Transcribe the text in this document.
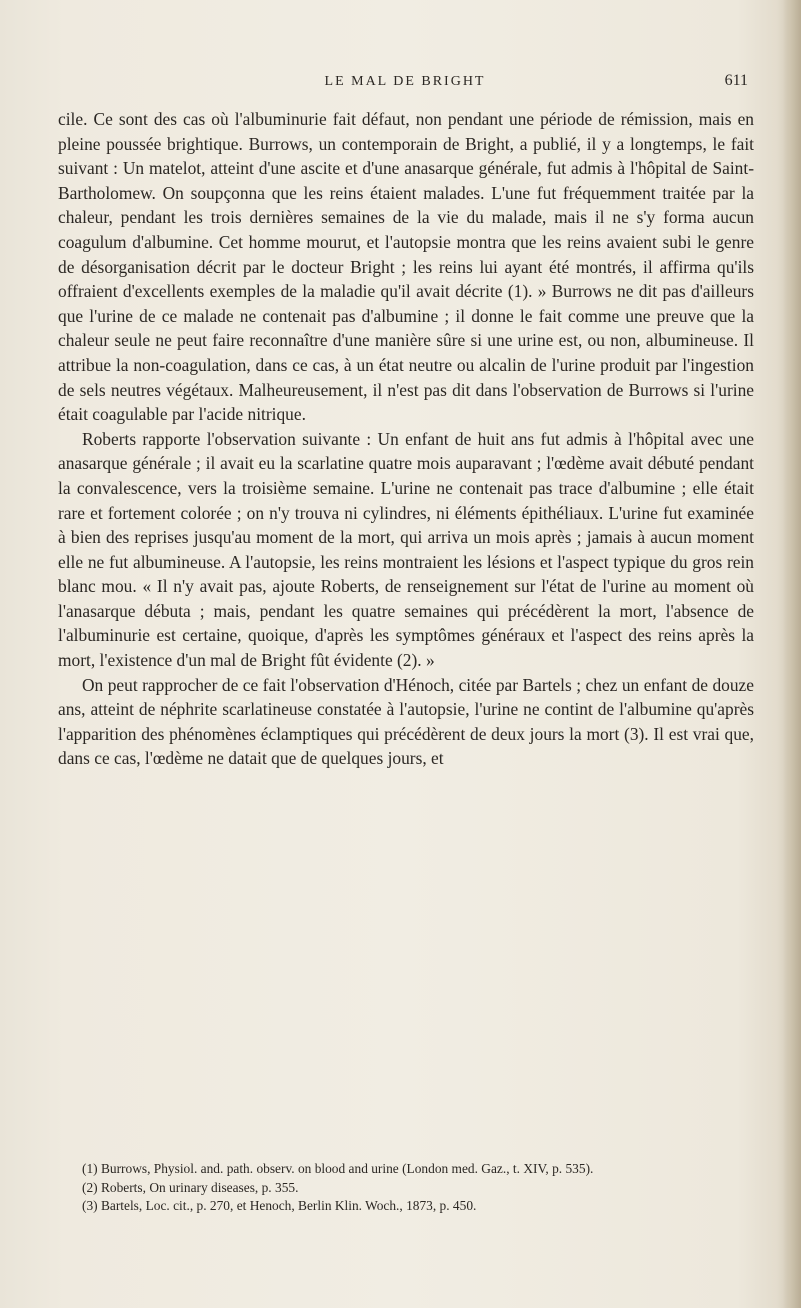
LE MAL DE BRIGHT	611

cile. Ce sont des cas où l'albuminurie fait défaut, non pendant une période de rémission, mais en pleine poussée brightique. Burrows, un contemporain de Bright, a publié, il y a longtemps, le fait suivant : Un matelot, atteint d'une ascite et d'une anasarque générale, fut admis à l'hôpital de Saint-Bartholomew. On soupçonna que les reins étaient malades. L'une fut fréquemment traitée par la chaleur, pendant les trois dernières semaines de la vie du malade, mais il ne s'y forma aucun coagulum d'albumine. Cet homme mourut, et l'autopsie montra que les reins avaient subi le genre de désorganisation décrit par le docteur Bright ; les reins lui ayant été montrés, il affirma qu'ils offraient d'excellents exemples de la maladie qu'il avait décrite (1). » Burrows ne dit pas d'ailleurs que l'urine de ce malade ne contenait pas d'albumine ; il donne le fait comme une preuve que la chaleur seule ne peut faire reconnaître d'une manière sûre si une urine est, ou non, albumineuse. Il attribue la non-coagulation, dans ce cas, à un état neutre ou alcalin de l'urine produit par l'ingestion de sels neutres végétaux. Malheureusement, il n'est pas dit dans l'observation de Burrows si l'urine était coagulable par l'acide nitrique.

Roberts rapporte l'observation suivante : Un enfant de huit ans fut admis à l'hôpital avec une anasarque générale ; il avait eu la scarlatine quatre mois auparavant ; l'œdème avait débuté pendant la convalescence, vers la troisième semaine. L'urine ne contenait pas trace d'albumine ; elle était rare et fortement colorée ; on n'y trouva ni cylindres, ni éléments épithéliaux. L'urine fut examinée à bien des reprises jusqu'au moment de la mort, qui arriva un mois après ; jamais à aucun moment elle ne fut albumineuse. A l'autopsie, les reins montraient les lésions et l'aspect typique du gros rein blanc mou. « Il n'y avait pas, ajoute Roberts, de renseignement sur l'état de l'urine au moment où l'anasarque débuta ; mais, pendant les quatre semaines qui précédèrent la mort, l'absence de l'albuminurie est certaine, quoique, d'après les symptômes généraux et l'aspect des reins après la mort, l'existence d'un mal de Bright fût évidente (2). »

On peut rapprocher de ce fait l'observation d'Hénoch, citée par Bartels ; chez un enfant de douze ans, atteint de néphrite scarlatineuse constatée à l'autopsie, l'urine ne contint de l'albumine qu'après l'apparition des phénomènes éclamptiques qui précédèrent de deux jours la mort (3). Il est vrai que, dans ce cas, l'œdème ne datait que de quelques jours, et

(1) Burrows, Physiol. and. path. observ. on blood and urine (London med. Gaz., t. XIV, p. 535).

(2) Roberts, On urinary diseases, p. 355.

(3) Bartels, Loc. cit., p. 270, et Henoch, Berlin Klin. Woch., 1873, p. 450.
